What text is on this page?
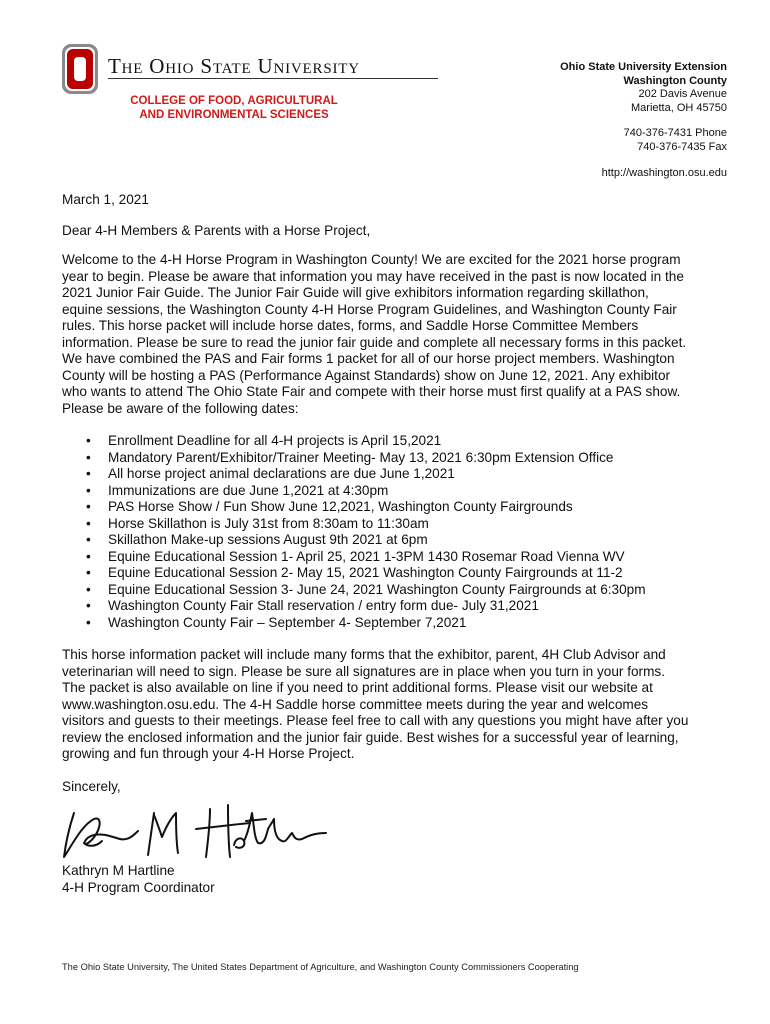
The Ohio State University
COLLEGE OF FOOD, AGRICULTURAL
AND ENVIRONMENTAL SCIENCES
Ohio State University Extension
Washington County
202 Davis Avenue
Marietta, OH 45750
740-376-7431 Phone
740-376-7435 Fax
http://washington.osu.edu

March 1, 2021

Dear 4-H Members & Parents with a Horse Project,

Welcome to the 4-H Horse Program in Washington County! We are excited for the 2021 horse program
year to begin. Please be aware that information you may have received in the past is now located in the
2021 Junior Fair Guide. The Junior Fair Guide will give exhibitors information regarding skillathon,
equine sessions, the Washington County 4-H Horse Program Guidelines, and Washington County Fair
rules. This horse packet will include horse dates, forms, and Saddle Horse Committee Members
information. Please be sure to read the junior fair guide and complete all necessary forms in this packet.
We have combined the PAS and Fair forms 1 packet for all of our horse project members. Washington
County will be hosting a PAS (Performance Against Standards) show on June 12, 2021. Any exhibitor
who wants to attend The Ohio State Fair and compete with their horse must first qualify at a PAS show.
Please be aware of the following dates:
• Enrollment Deadline for all 4-H projects is April 15,2021
• Mandatory Parent/Exhibitor/Trainer Meeting- May 13, 2021 6:30pm Extension Office
• All horse project animal declarations are due June 1,2021
• Immunizations are due June 1,2021 at 4:30pm
• PAS Horse Show / Fun Show June 12,2021, Washington County Fairgrounds
• Horse Skillathon is July 31st from 8:30am to 11:30am
• Skillathon Make-up sessions August 9th 2021 at 6pm
• Equine Educational Session 1- April 25, 2021 1-3PM 1430 Rosemar Road Vienna WV
• Equine Educational Session 2- May 15, 2021 Washington County Fairgrounds at 11-2
• Equine Educational Session 3- June 24, 2021 Washington County Fairgrounds at 6:30pm
• Washington County Fair Stall reservation / entry form due- July 31,2021
• Washington County Fair – September 4- September 7,2021
This horse information packet will include many forms that the exhibitor, parent, 4H Club Advisor and
veterinarian will need to sign. Please be sure all signatures are in place when you turn in your forms.
The packet is also available on line if you need to print additional forms. Please visit our website at
www.washington.osu.edu. The 4-H Saddle horse committee meets during the year and welcomes
visitors and guests to their meetings. Please feel free to call with any questions you might have after you
review the enclosed information and the junior fair guide. Best wishes for a successful year of learning,
growing and fun through your 4-H Horse Project.

Sincerely,

Kathryn M Hartline

4-H Program Coordinator

The Ohio State University, The United States Department of Agriculture, and Washington County Commissioners Cooperating
